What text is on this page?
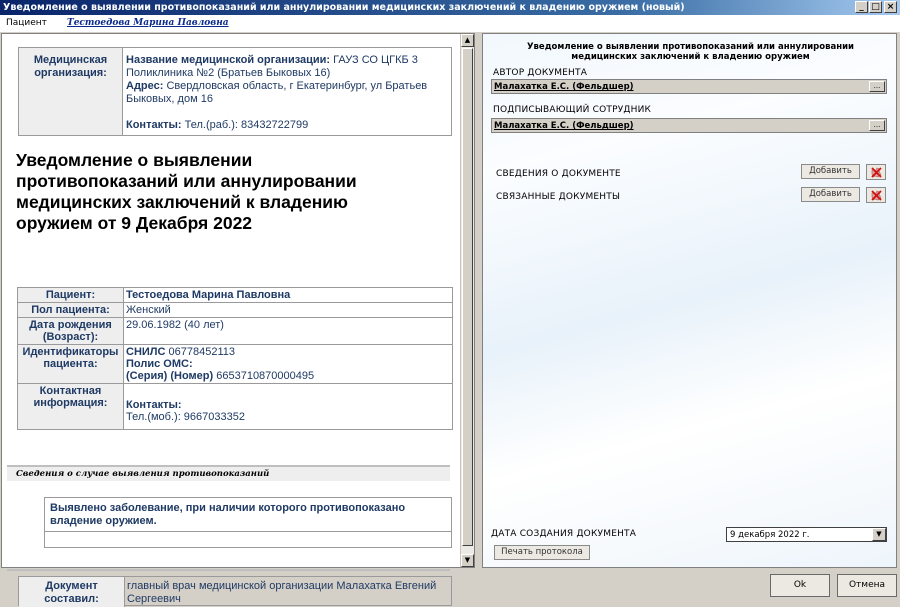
Уведомление о выявлении противопоказаний или аннулировании медицинских заключений к владению оружием (новый)	_ □ ×
Пациент Тестоедова Марина Павловна
Медицинская организация:
Название медицинской организации: ГАУЗ СО ЦГКБ 3 Поликлиника №2 (Братьев Быковых 16)
Адрес: Свердловская область, г Екатеринбург, ул Братьев Быковых, дом 16

Контакты: Тел.(раб.): 83432722799
Уведомление о выявлении противопоказаний или аннулировании медицинских заключений к владению оружием от 9 Декабря 2022
Пациент:	Тестоедова Марина Павловна
Пол пациента:	Женский
Дата рождения (Возраст):	29.06.1982 (40 лет)
Идентификаторы пациента:	СНИЛС 06778452113
Полис ОМС:
(Серия) (Номер) 6653710870000495
Контактная информация:	Контакты:
Тел.(моб.): 9667033352
Сведения о случае выявления противопоказаний
Выявлено заболевание, при наличии которого противопоказано владение оружием.
Документ составил:
главный врач медицинской организации Малахатка Евгений Сергеевич
▲
▼
Уведомление о выявлении противопоказаний или аннулировании медицинских заключений к владению оружием
АВТОР ДОКУМЕНТА
Малахатка Е.С. (Фельдшер)	...
ПОДПИСЫВАЮЩИЙ СОТРУДНИК
Малахатка Е.С. (Фельдшер)	...
СВЕДЕНИЯ О ДОКУМЕНТЕ	Добавить
СВЯЗАННЫЕ ДОКУМЕНТЫ	Добавить
ДАТА СОЗДАНИЯ ДОКУМЕНТА	9 декабря 2022 г.	▼
Печать протокола
Ok	Отмена
